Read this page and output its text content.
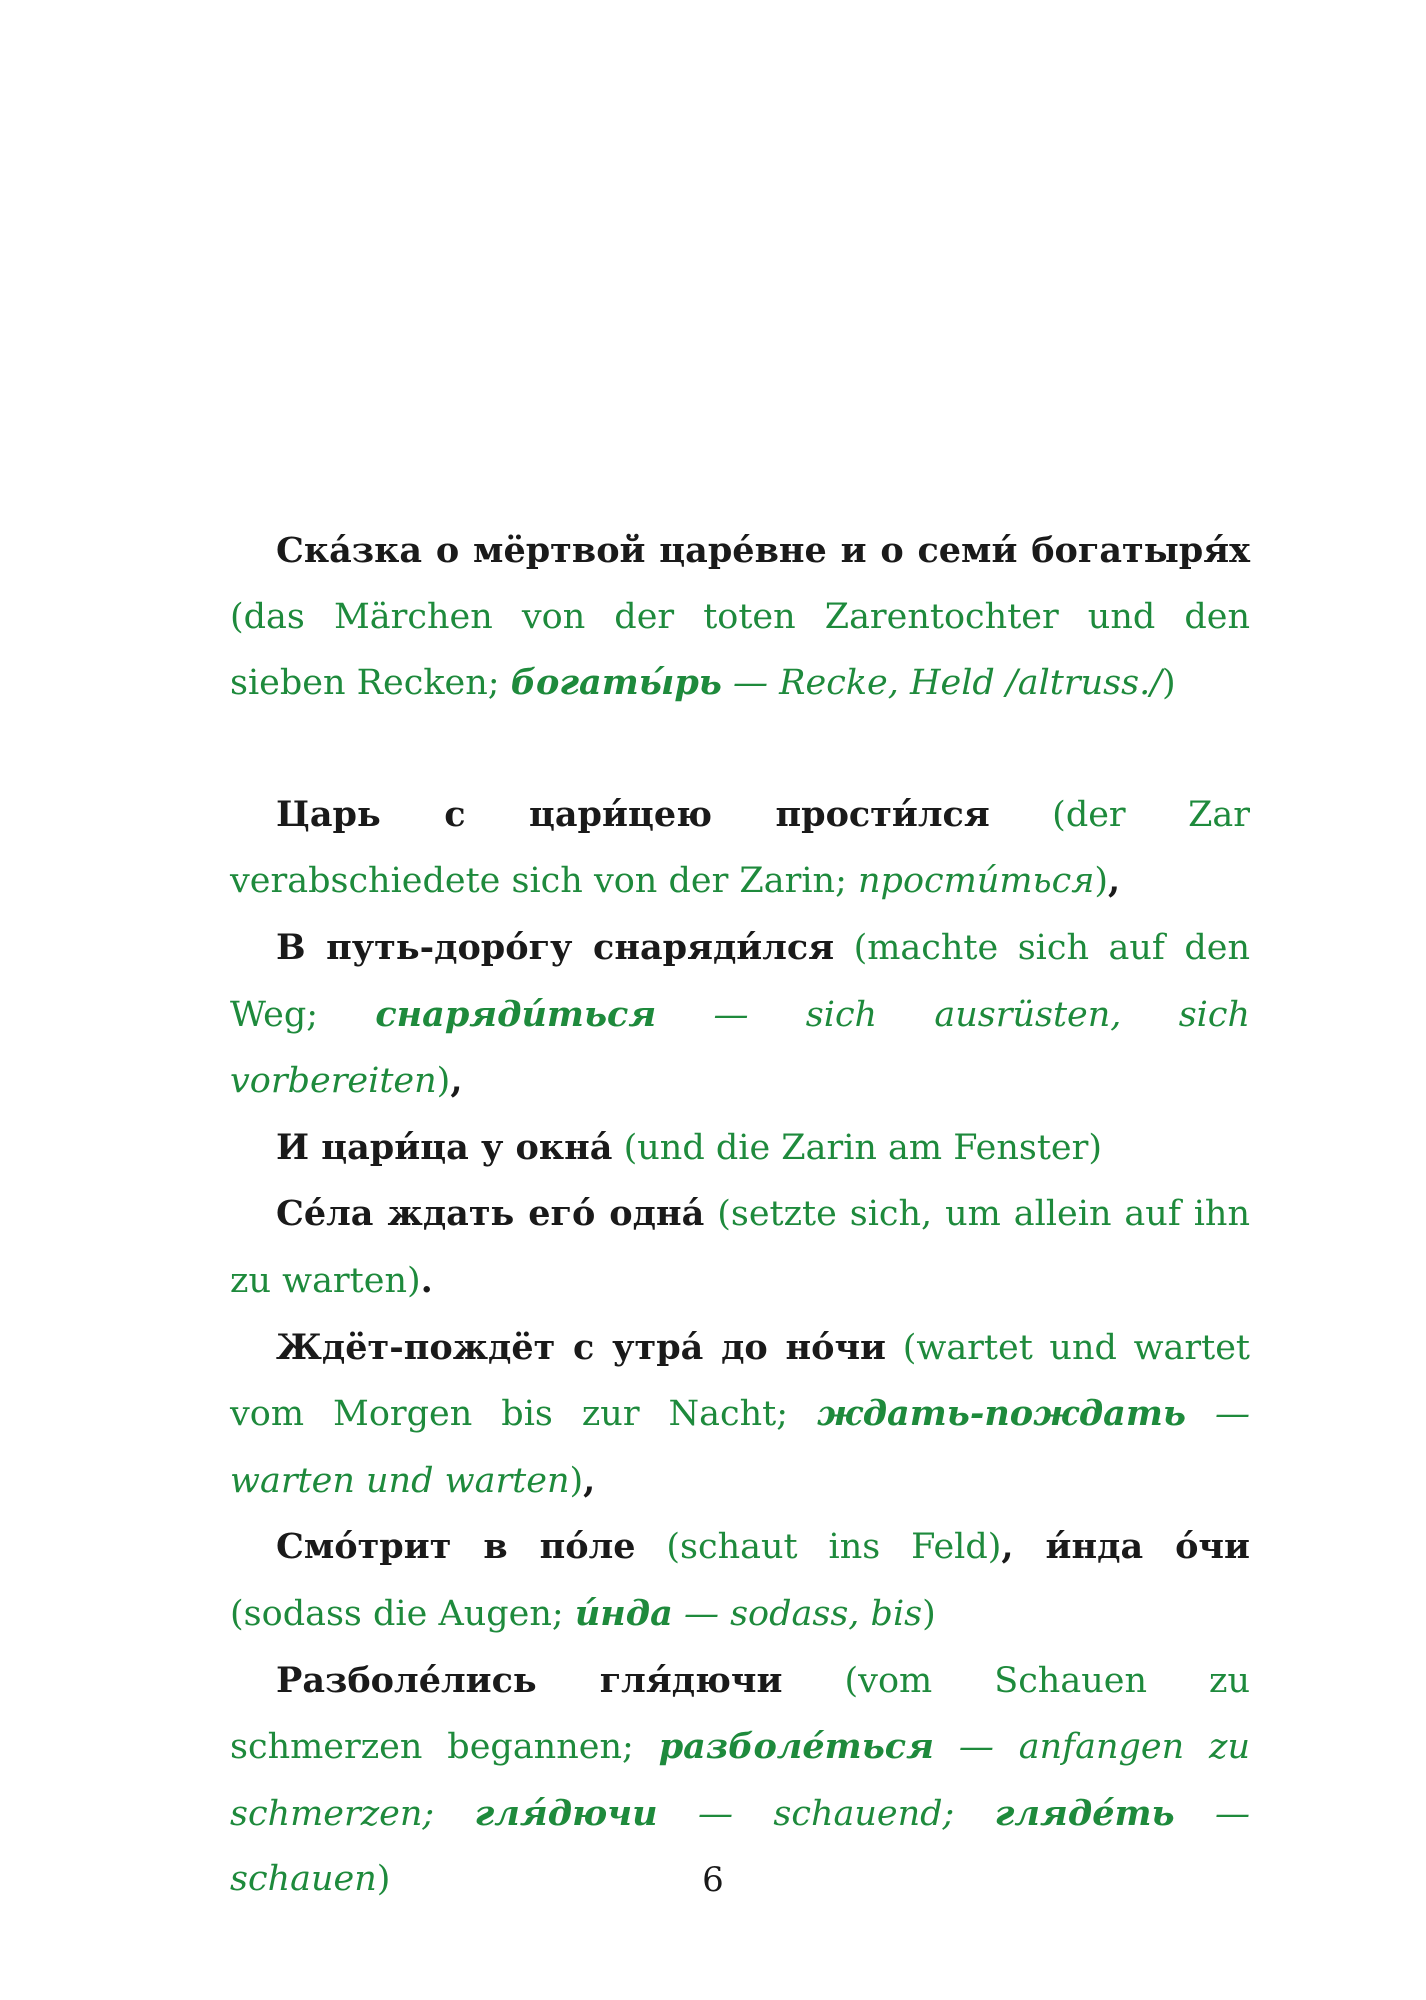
Ска́зка о мёртвой царе́вне и о семи́ богатыря́х (das Märchen von der toten Zarentochter und den sieben Recken; богаты́рь — Recke, Held /altruss./)

Царь с цари́цею прости́лся (der Zar verabschiedete sich von der Zarin; прости́ться),

В путь-доро́гу снаряди́лся (machte sich auf den Weg; снаряди́ться — sich ausrüsten, sich vorbereiten),

И цари́ца у окна́ (und die Zarin am Fenster)

Се́ла ждать его́ одна́ (setzte sich, um allein auf ihn zu warten).

Ждёт-пождёт с утра́ до но́чи (wartet und wartet vom Morgen bis zur Nacht; ждать-пождать — warten und warten),

Смо́трит в по́ле (schaut ins Feld), и́нда о́чи (sodass die Augen; и́нда — sodass, bis)

Разболе́лись гля́дючи (vom Schauen zu schmerzen begannen; разболе́ться — anfangen zu schmerzen; гля́дючи — schauend; гляде́ть — schauen)	6
